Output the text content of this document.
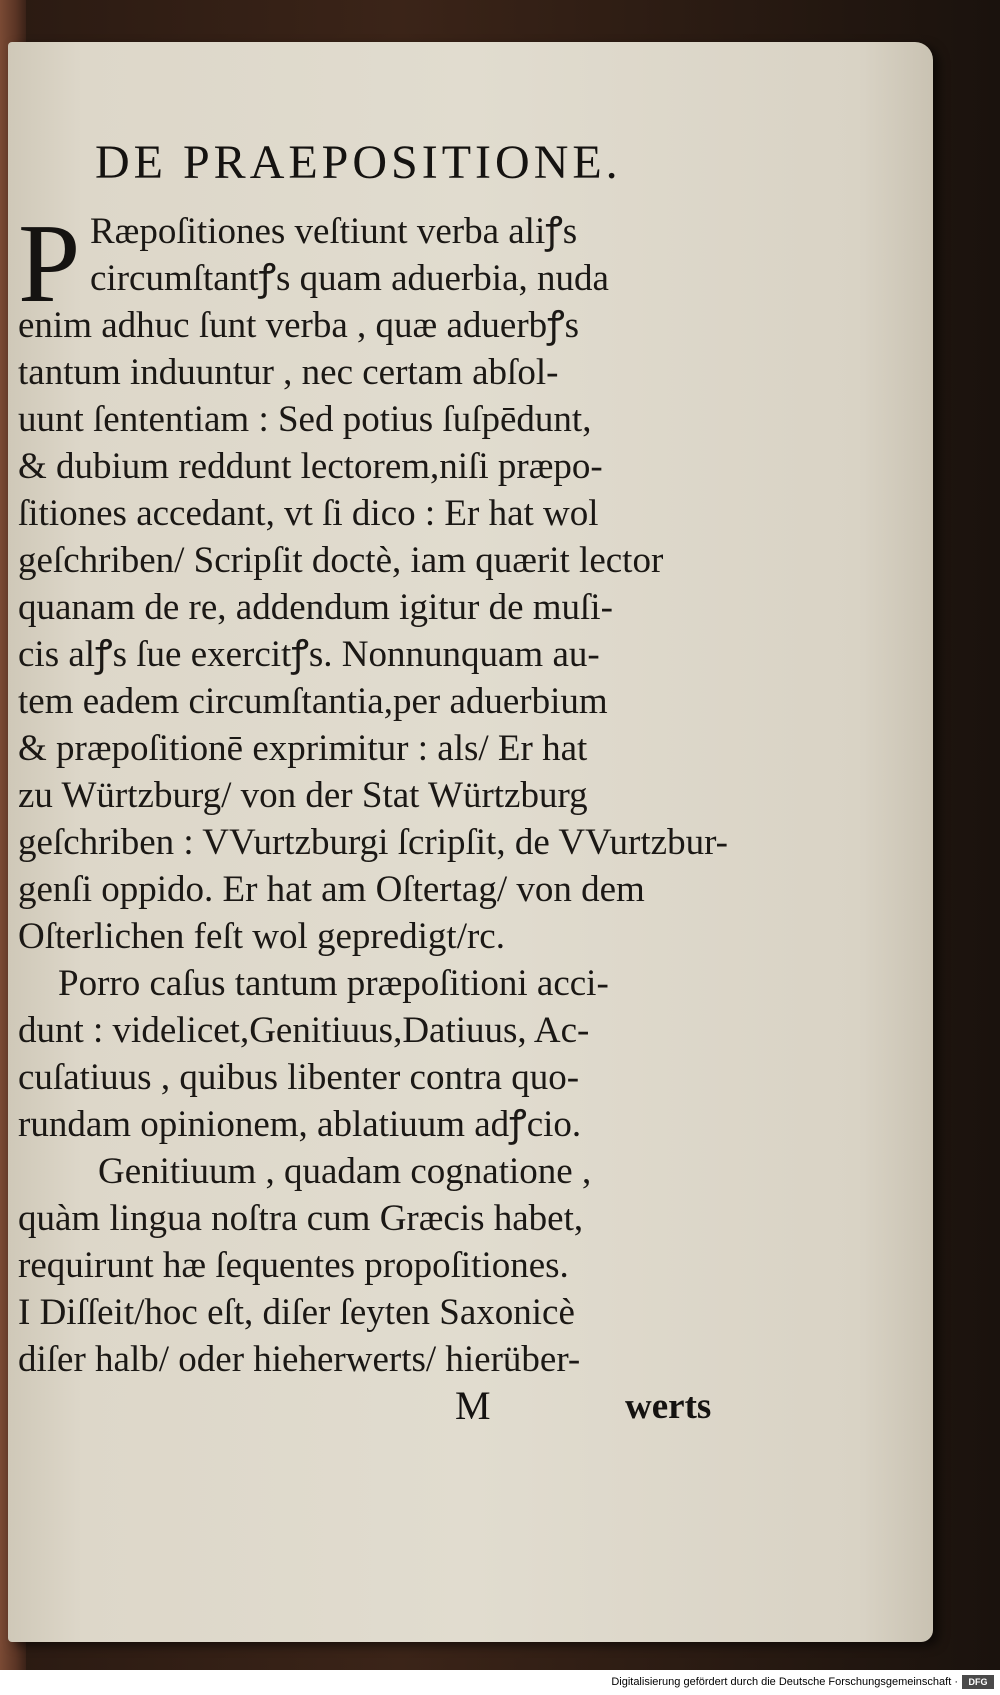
DE PRAEPOSITIONE.
P Ræpoſitiones veſtiunt verba aliꝭs
circumſtantꝭs quam aduerbia, nuda
enim adhuc ſunt verba , quæ aduerbꝭs
tantum induuntur , nec certam abſol-
uunt ſententiam : Sed potius ſuſpēdunt,
& dubium reddunt lectorem,niſi præpo-
ſitiones accedant, vt ſi dico : Er hat wol
geſchriben/ Scripſit doctè, iam quærit lector
quanam de re, addendum igitur de muſi-
cis alꝭs ſue exercitꝭs. Nonnunquam au-
tem eadem circumſtantia,per aduerbium
& præpoſitionē exprimitur : als/ Er hat
zu Würtzburg/ von der Stat Würtzburg
geſchriben : VVurtzburgi ſcripſit, de VVurtzbur-
genſi oppido. Er hat am Oſtertag/ von dem
Oſterlichen feſt wol gepredigt/rc.
Porro caſus tantum præpoſitioni acci-
dunt : videlicet,Genitiuus,Datiuus, Ac-
cuſatiuus , quibus libenter contra quo-
rundam opinionem, ablatiuum adꝭcio.
Genitiuum , quadam cognatione ,
quàm lingua noſtra cum Græcis habet,
requirunt hæ ſequentes propoſitiones.
I Diſſeit/hoc eſt, diſer ſeyten Saxonicè
diſer halb/ oder hieherwerts/ hierüber-
M	werts
Digitalisierung gefördert durch die Deutsche Forschungsgemeinschaft ·	DFG
